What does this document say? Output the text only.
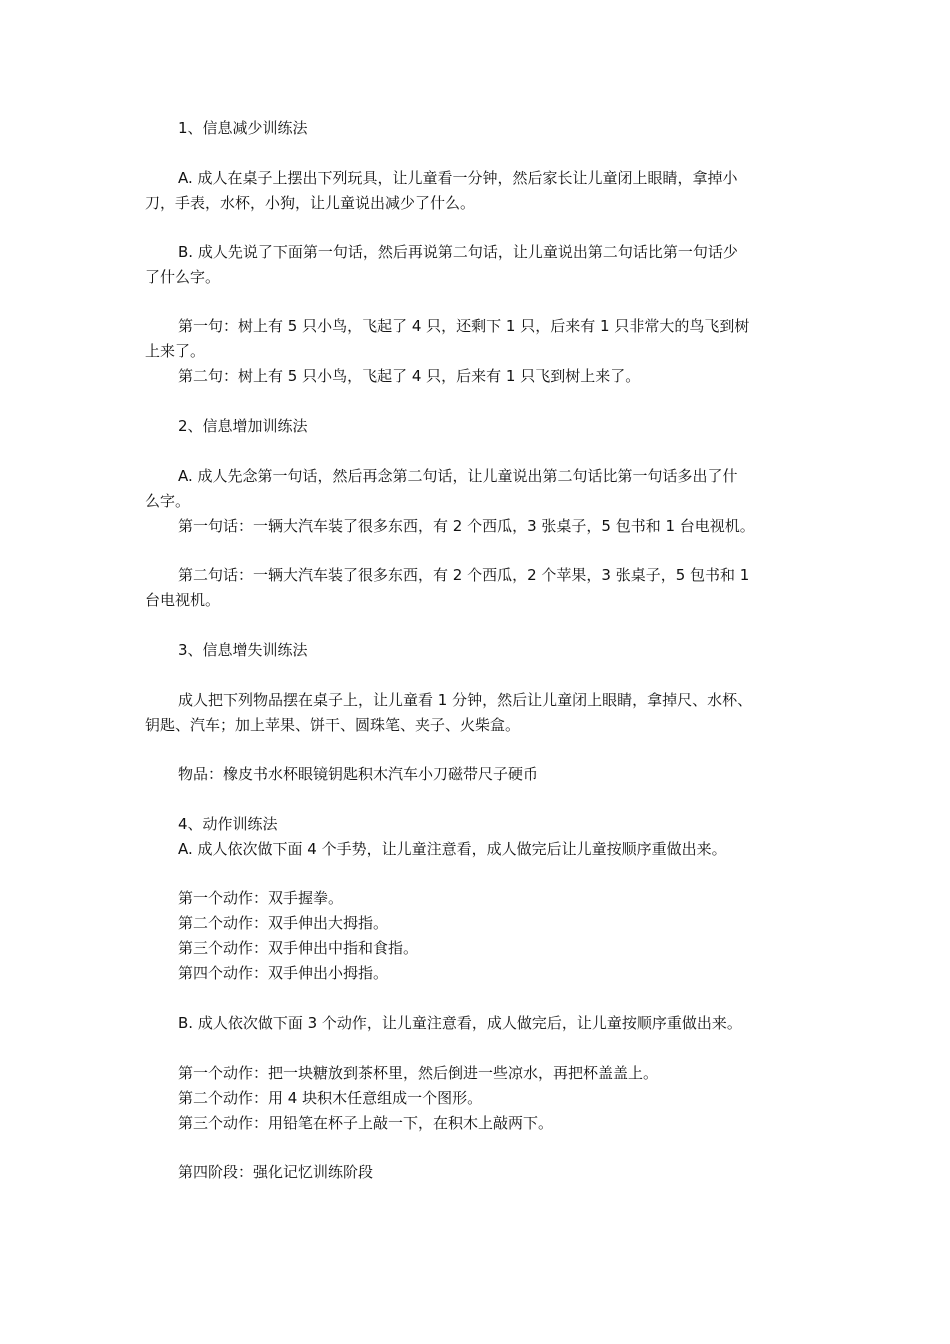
1、信息减少训练法

A. 成人在桌子上摆出下列玩具，让儿童看一分钟，然后家长让儿童闭上眼睛，拿掉小

刀，手表，水杯，小狗，让儿童说出减少了什么。

B. 成人先说了下面第一句话，然后再说第二句话，让儿童说出第二句话比第一句话少

了什么字。

第一句：树上有 5 只小鸟，飞起了 4 只，还剩下 1 只，后来有 1 只非常大的鸟飞到树

上来了。

第二句：树上有 5 只小鸟，飞起了 4 只，后来有 1 只飞到树上来了。

2、信息增加训练法

A. 成人先念第一句话，然后再念第二句话，让儿童说出第二句话比第一句话多出了什

么字。

第一句话：一辆大汽车装了很多东西，有 2 个西瓜，3 张桌子，5 包书和 1 台电视机。

第二句话：一辆大汽车装了很多东西，有 2 个西瓜，2 个苹果，3 张桌子，5 包书和 1

台电视机。

3、信息增失训练法

成人把下列物品摆在桌子上，让儿童看 1 分钟，然后让儿童闭上眼睛，拿掉尺、水杯、

钥匙、汽车；加上苹果、饼干、圆珠笔、夹子、火柴盒。

物品：橡皮书水杯眼镜钥匙积木汽车小刀磁带尺子硬币

4、动作训练法

A. 成人依次做下面 4 个手势，让儿童注意看，成人做完后让儿童按顺序重做出来。

第一个动作：双手握拳。

第二个动作：双手伸出大拇指。

第三个动作：双手伸出中指和食指。

第四个动作：双手伸出小拇指。

B. 成人依次做下面 3 个动作，让儿童注意看，成人做完后，让儿童按顺序重做出来。

第一个动作：把一块糖放到茶杯里，然后倒进一些凉水，再把杯盖盖上。

第二个动作：用 4 块积木任意组成一个图形。

第三个动作：用铅笔在杯子上敲一下，在积木上敲两下。

第四阶段：强化记忆训练阶段
